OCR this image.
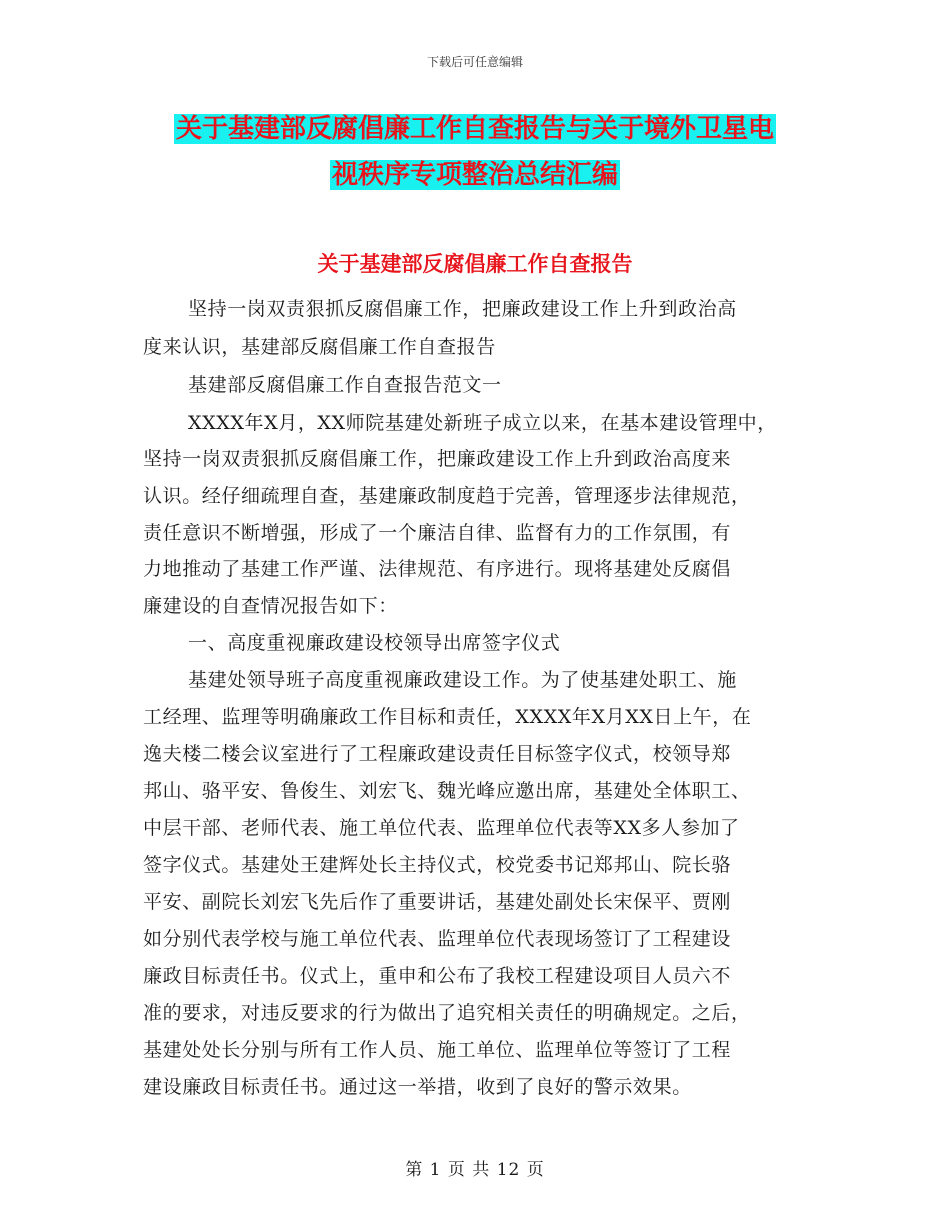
下载后可任意编辑
关于基建部反腐倡廉工作自查报告与关于境外卫星电
视秩序专项整治总结汇编
关于基建部反腐倡廉工作自查报告
坚持一岗双责狠抓反腐倡廉工作，把廉政建设工作上升到政治高
度来认识，基建部反腐倡廉工作自查报告
基建部反腐倡廉工作自查报告范文一
XXXX年X月，XX师院基建处新班子成立以来，在基本建设管理中，
坚持一岗双责狠抓反腐倡廉工作，把廉政建设工作上升到政治高度来
认识。经仔细疏理自查，基建廉政制度趋于完善，管理逐步法律规范，
责任意识不断增强，形成了一个廉洁自律、监督有力的工作氛围，有
力地推动了基建工作严谨、法律规范、有序进行。现将基建处反腐倡
廉建设的自查情况报告如下：
一、高度重视廉政建设校领导出席签字仪式
基建处领导班子高度重视廉政建设工作。为了使基建处职工、施
工经理、监理等明确廉政工作目标和责任，XXXX年X月XX日上午，在
逸夫楼二楼会议室进行了工程廉政建设责任目标签字仪式，校领导郑
邦山、骆平安、鲁俊生、刘宏飞、魏光峰应邀出席，基建处全体职工、
中层干部、老师代表、施工单位代表、监理单位代表等XX多人参加了
签字仪式。基建处王建辉处长主持仪式，校党委书记郑邦山、院长骆
平安、副院长刘宏飞先后作了重要讲话，基建处副处长宋保平、贾刚
如分别代表学校与施工单位代表、监理单位代表现场签订了工程建设
廉政目标责任书。仪式上，重申和公布了我校工程建设项目人员六不
准的要求，对违反要求的行为做出了追究相关责任的明确规定。之后，
基建处处长分别与所有工作人员、施工单位、监理单位等签订了工程
建设廉政目标责任书。通过这一举措，收到了良好的警示效果。
第 1 页 共 12 页
